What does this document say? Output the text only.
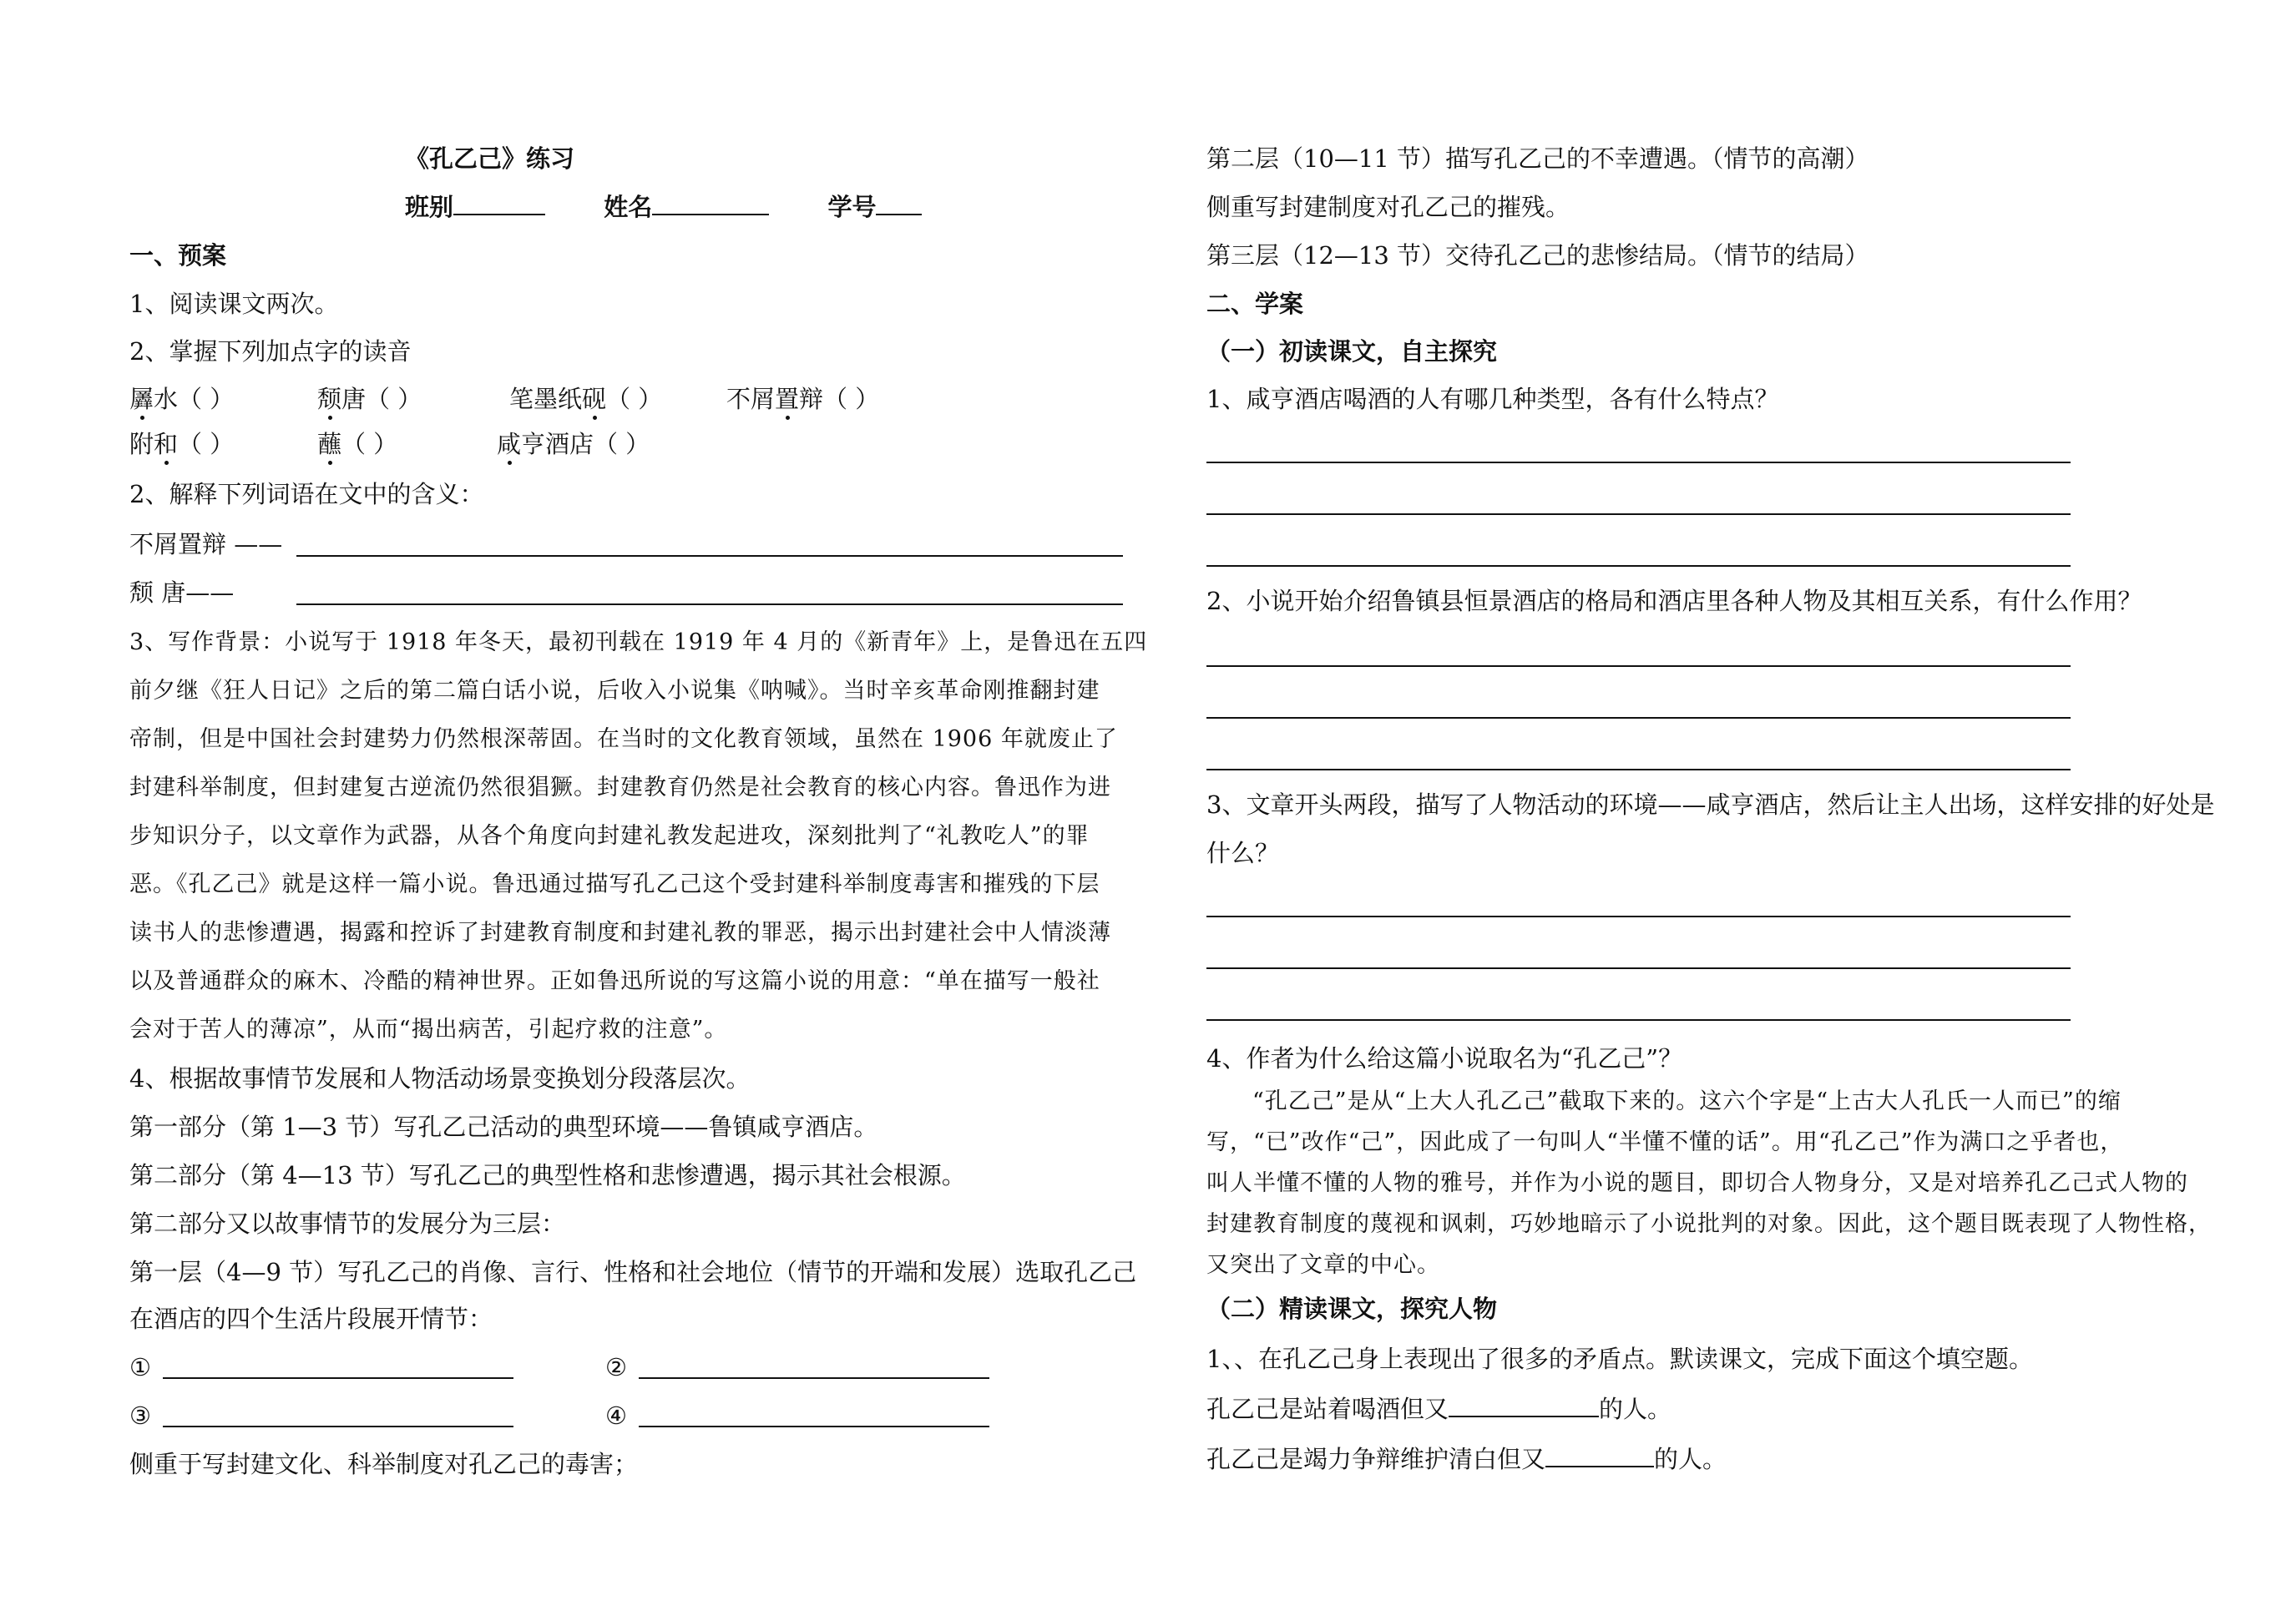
《孔乙己》练习
班别	姓名	学号
一、预案
1、阅读课文两次。
2、掌握下列加点字的读音
羼水（ ）	颓唐（ ）	笔墨纸砚（ ）	不屑置辩（ ）
附和（ ）	蘸（ ）	咸亨酒店（ ）
2、解释下列词语在文中的含义：
不屑置辩 ——
颓 唐——
3、写作背景：小说写于 1918 年冬天，最初刊载在 1919 年 4 月的《新青年》上，是鲁迅在五四
前夕继《狂人日记》之后的第二篇白话小说，后收入小说集《呐喊》。当时辛亥革命刚推翻封建
帝制，但是中国社会封建势力仍然根深蒂固。在当时的文化教育领域，虽然在 1906 年就废止了
封建科举制度，但封建复古逆流仍然很猖獗。封建教育仍然是社会教育的核心内容。鲁迅作为进
步知识分子，以文章作为武器，从各个角度向封建礼教发起进攻，深刻批判了“礼教吃人”的罪
恶。《孔乙己》就是这样一篇小说。鲁迅通过描写孔乙己这个受封建科举制度毒害和摧残的下层
读书人的悲惨遭遇，揭露和控诉了封建教育制度和封建礼教的罪恶，揭示出封建社会中人情淡薄
以及普通群众的麻木、冷酷的精神世界。正如鲁迅所说的写这篇小说的用意：“单在描写一般社
会对于苦人的薄凉”，从而“揭出病苦，引起疗救的注意”。
4、根据故事情节发展和人物活动场景变换划分段落层次。
第一部分（第 1—3 节）写孔乙己活动的典型环境——鲁镇咸亨酒店。
第二部分（第 4—13 节）写孔乙己的典型性格和悲惨遭遇，揭示其社会根源。
第二部分又以故事情节的发展分为三层：
第一层（4—9 节）写孔乙己的肖像、言行、性格和社会地位（情节的开端和发展）选取孔乙己
在酒店的四个生活片段展开情节：
①	②
③	④
侧重于写封建文化、科举制度对孔乙己的毒害；
第二层（10—11 节）描写孔乙己的不幸遭遇。（情节的高潮）
侧重写封建制度对孔乙己的摧残。
第三层（12—13 节）交待孔乙己的悲惨结局。（情节的结局）
二、学案
（一）初读课文，自主探究
1、咸亨酒店喝酒的人有哪几种类型，各有什么特点？
2、小说开始介绍鲁镇县恒景酒店的格局和酒店里各种人物及其相互关系，有什么作用？
3、文章开头两段，描写了人物活动的环境——咸亨酒店，然后让主人出场，这样安排的好处是
什么？
4、作者为什么给这篇小说取名为“孔乙己”？
“孔乙己”是从“上大人孔乙己”截取下来的。这六个字是“上古大人孔氏一人而已”的缩
写，“已”改作“己”，因此成了一句叫人“半懂不懂的话”。用“孔乙己”作为满口之乎者也，
叫人半懂不懂的人物的雅号，并作为小说的题目，即切合人物身分，又是对培养孔乙己式人物的
封建教育制度的蔑视和讽刺，巧妙地暗示了小说批判的对象。因此，这个题目既表现了人物性格，
又突出了文章的中心。
（二）精读课文，探究人物
1、、在孔乙己身上表现出了很多的矛盾点。默读课文，完成下面这个填空题。
孔乙己是站着喝酒但又	的人。
孔乙己是竭力争辩维护清白但又	的人。
